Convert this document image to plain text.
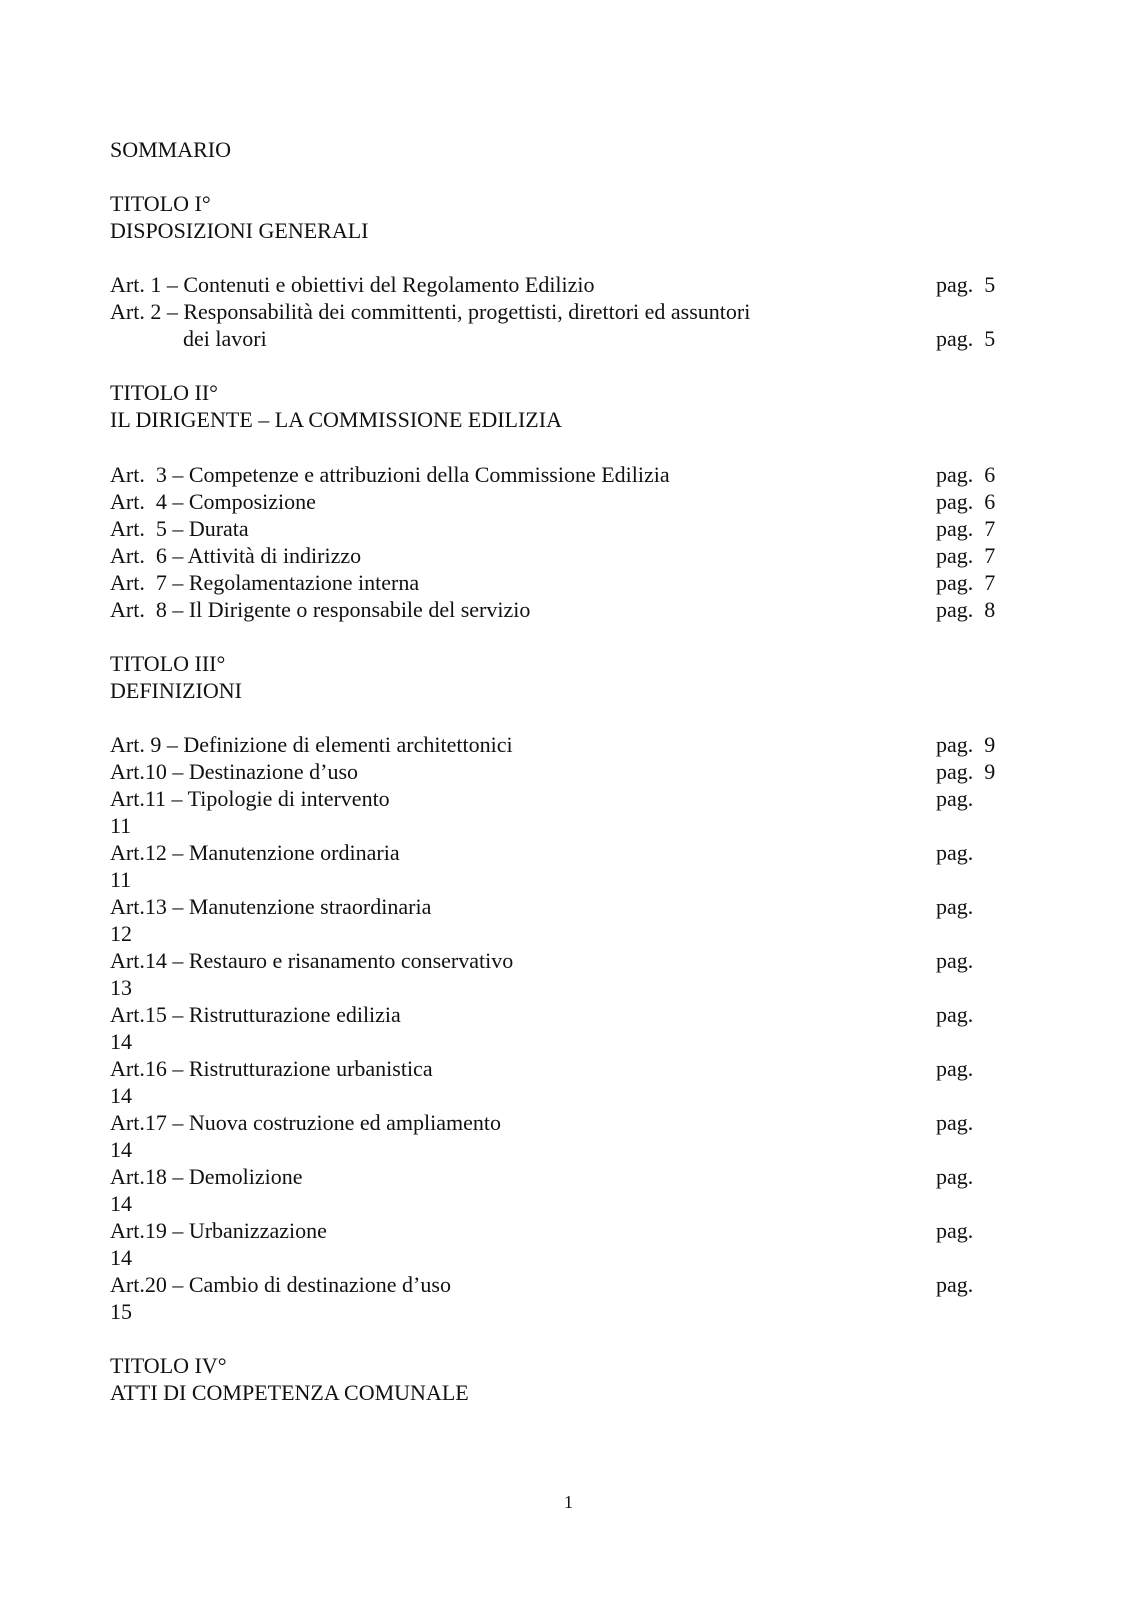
SOMMARIO
TITOLO I°
DISPOSIZIONI GENERALI
Art. 1 – Contenuti e obiettivi del Regolamento Edilizio	pag.  5
Art. 2 – Responsabilità dei committenti, progettisti, direttori ed assuntori
dei lavori	pag.  5
TITOLO II°
IL DIRIGENTE – LA COMMISSIONE EDILIZIA
Art.  3 – Competenze e attribuzioni della Commissione Edilizia	pag.  6
Art.  4 – Composizione	pag.  6
Art.  5 – Durata	pag.  7
Art.  6 – Attività di indirizzo	pag.  7
Art.  7 – Regolamentazione interna	pag.  7
Art.  8 – Il Dirigente o responsabile del servizio	pag.  8
TITOLO III°
DEFINIZIONI
Art. 9 – Definizione di elementi architettonici	pag.  9
Art.10 – Destinazione d’uso	pag.  9
Art.11 – Tipologie di intervento	pag.
11
Art.12 – Manutenzione ordinaria	pag.
11
Art.13 – Manutenzione straordinaria	pag.
12
Art.14 – Restauro e risanamento conservativo	pag.
13
Art.15 – Ristrutturazione edilizia	pag.
14
Art.16 – Ristrutturazione urbanistica	pag.
14
Art.17 – Nuova costruzione ed ampliamento	pag.
14
Art.18 – Demolizione	pag.
14
Art.19 – Urbanizzazione	pag.
14
Art.20 – Cambio di destinazione d’uso	pag.
15
TITOLO IV°
ATTI DI COMPETENZA COMUNALE
1
